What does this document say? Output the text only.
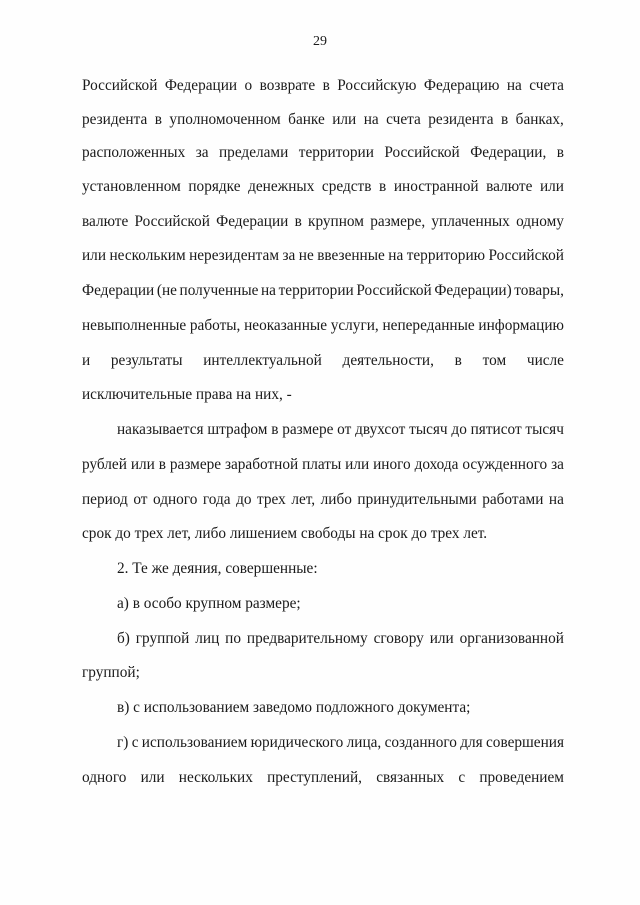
29
Российской Федерации о возврате в Российскую Федерацию на счета
резидента в уполномоченном банке или на счета резидента в банках,
расположенных за пределами территории Российской Федерации, в
установленном порядке денежных средств в иностранной валюте или
валюте Российской Федерации в крупном размере, уплаченных одному
или нескольким нерезидентам за не ввезенные на территорию Российской
Федерации (не полученные на территории Российской Федерации) товары,
невыполненные работы, неоказанные услуги, непереданные информацию
и результаты интеллектуальной деятельности, в том числе
исключительные права на них, -
наказывается штрафом в размере от двухсот тысяч до пятисот тысяч
рублей или в размере заработной платы или иного дохода осужденного за
период от одного года до трех лет, либо принудительными работами на
срок до трех лет, либо лишением свободы на срок до трех лет.
2. Те же деяния, совершенные:
а) в особо крупном размере;
б) группой лиц по предварительному сговору или организованной
группой;
в) с использованием заведомо подложного документа;
г) с использованием юридического лица, созданного для совершения
одного или нескольких преступлений, связанных с проведением
